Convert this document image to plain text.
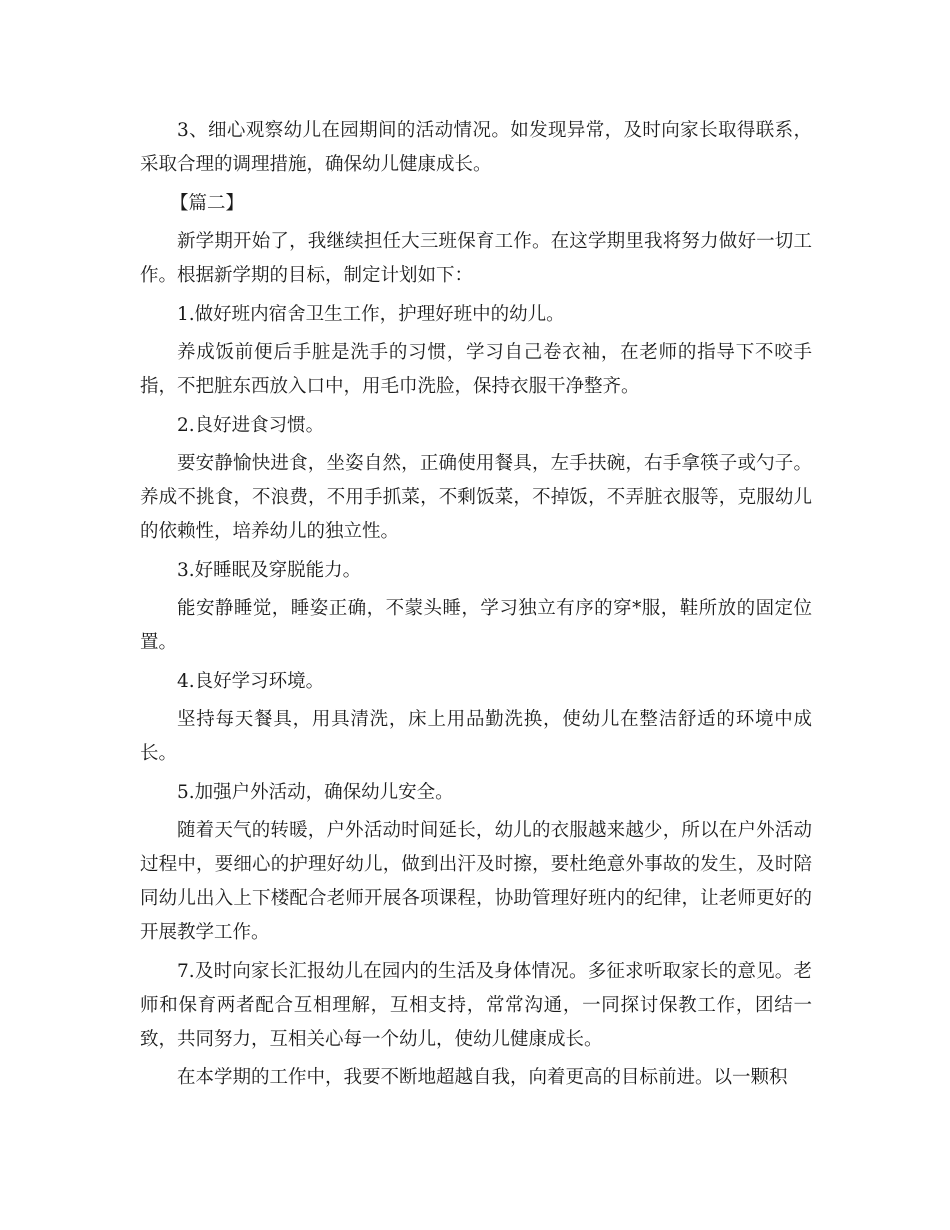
3、细心观察幼儿在园期间的活动情况。如发现异常，及时向家长取得联系，采取合理的调理措施，确保幼儿健康成长。

【篇二】

新学期开始了，我继续担任大三班保育工作。在这学期里我将努力做好一切工作。根据新学期的目标，制定计划如下：

1.做好班内宿舍卫生工作，护理好班中的幼儿。

养成饭前便后手脏是洗手的习惯，学习自己卷衣袖，在老师的指导下不咬手指，不把脏东西放入口中，用毛巾洗脸，保持衣服干净整齐。

2.良好进食习惯。

要安静愉快进食，坐姿自然，正确使用餐具，左手扶碗，右手拿筷子或勺子。养成不挑食，不浪费，不用手抓菜，不剩饭菜，不掉饭，不弄脏衣服等，克服幼儿的依赖性，培养幼儿的独立性。

3.好睡眠及穿脱能力。

能安静睡觉，睡姿正确，不蒙头睡，学习独立有序的穿*服，鞋所放的固定位置。

4.良好学习环境。

坚持每天餐具，用具清洗，床上用品勤洗换，使幼儿在整洁舒适的环境中成长。

5.加强户外活动，确保幼儿安全。

随着天气的转暖，户外活动时间延长，幼儿的衣服越来越少，所以在户外活动过程中，要细心的护理好幼儿，做到出汗及时擦，要杜绝意外事故的发生，及时陪同幼儿出入上下楼配合老师开展各项课程，协助管理好班内的纪律，让老师更好的开展教学工作。

7.及时向家长汇报幼儿在园内的生活及身体情况。多征求听取家长的意见。老师和保育两者配合互相理解，互相支持，常常沟通，一同探讨保教工作，团结一致，共同努力，互相关心每一个幼儿，使幼儿健康成长。

在本学期的工作中，我要不断地超越自我，向着更高的目标前进。以一颗积
